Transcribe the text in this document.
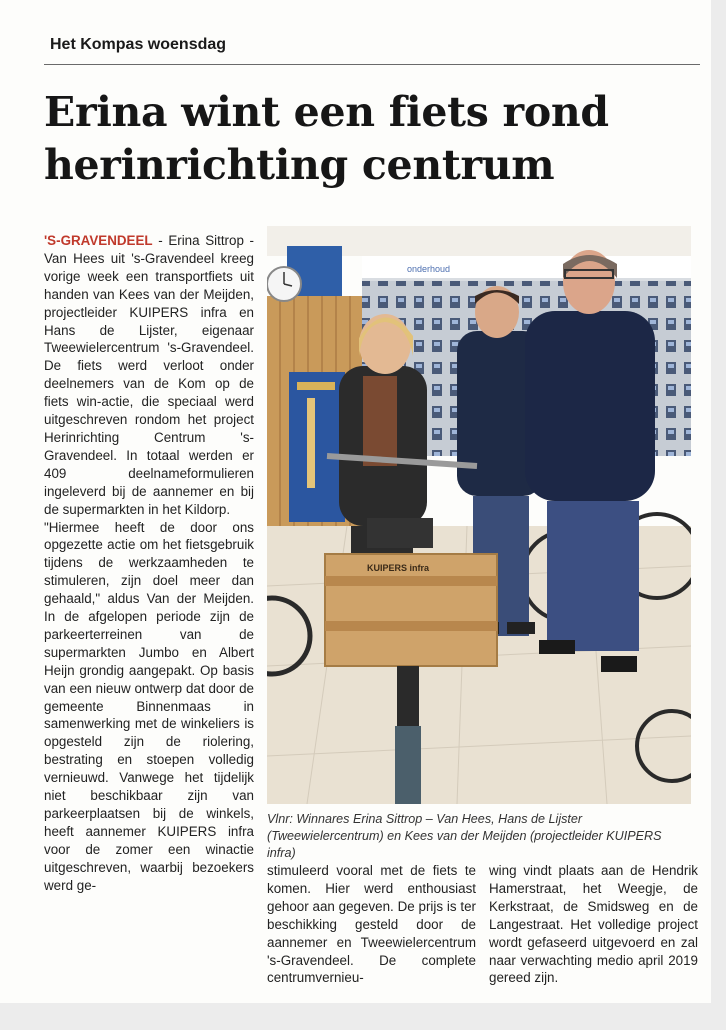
Het Kompas woensdag
Erina wint een fiets rond herinrichting centrum

'S-GRAVENDEEL - Erina Sittrop - Van Hees uit 's-Gravendeel kreeg vorige week een transportfiets uit handen van Kees van der Meijden, projectleider KUIPERS infra en Hans de Lijster, eigenaar Tweewielercentrum 's-Gravendeel. De fiets werd verloot onder deelnemers van de Kom op de fiets win-actie, die speciaal werd uitgeschreven rondom het project Herinrichting Centrum 's-Gravendeel. In totaal werden er 409 deelnameformulieren ingeleverd bij de aannemer en bij de supermarkten in het Kildorp.

"Hiermee heeft de door ons opgezette actie om het fietsgebruik tijdens de werkzaamheden te stimuleren, zijn doel meer dan gehaald," aldus Van der Meijden. In de afgelopen periode zijn de parkeerterreinen van de supermarkten Jumbo en Albert Heijn grondig aangepakt. Op basis van een nieuw ontwerp dat door de gemeente Binnenmaas in samenwerking met de winkeliers is opgesteld zijn de riolering, bestrating en stoepen volledig vernieuwd. Vanwege het tijdelijk niet beschikbaar zijn van parkeerplaatsen bij de winkels, heeft aannemer KUIPERS infra voor de zomer een winactie uitgeschreven, waarbij bezoekers werd ge-

onderhoud
KUIPERS infra

Vlnr: Winnares Erina Sittrop – Van Hees, Hans de Lijster (Tweewielercentrum) en Kees van der Meijden (projectleider KUIPERS infra)

stimuleerd vooral met de fiets te komen. Hier werd enthousiast gehoor aan gegeven. De prijs is ter beschikking gesteld door de aannemer en Tweewielercentrum 's-Gravendeel. De complete centrumvernieu-

wing vindt plaats aan de Hendrik Hamerstraat, het Weegje, de Kerkstraat, de Smidsweg en de Langestraat. Het volledige project wordt gefaseerd uitgevoerd en zal naar verwachting medio april 2019 gereed zijn.
